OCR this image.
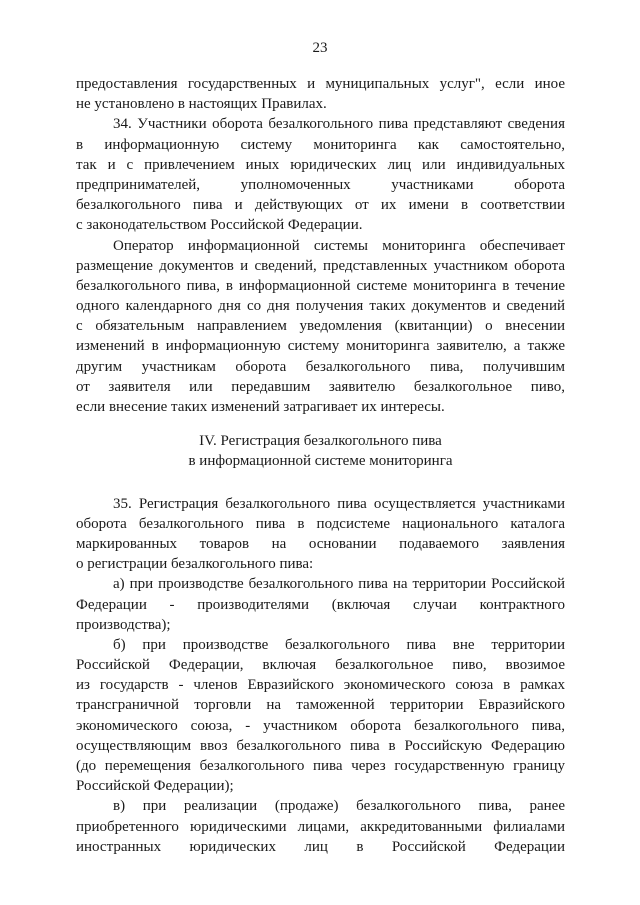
23
предоставления государственных и муниципальных услуг", если иное
не установлено в настоящих Правилах.
34. Участники оборота безалкогольного пива представляют сведения
в информационную систему мониторинга как самостоятельно,
так и с привлечением иных юридических лиц или индивидуальных
предпринимателей, уполномоченных участниками оборота
безалкогольного пива и действующих от их имени в соответствии
с законодательством Российской Федерации.
Оператор информационной системы мониторинга обеспечивает
размещение документов и сведений, представленных участником оборота
безалкогольного пива, в информационной системе мониторинга в течение
одного календарного дня со дня получения таких документов и сведений
с обязательным направлением уведомления (квитанции) о внесении
изменений в информационную систему мониторинга заявителю, а также
другим участникам оборота безалкогольного пива, получившим
от заявителя или передавшим заявителю безалкогольное пиво,
если внесение таких изменений затрагивает их интересы.
IV. Регистрация безалкогольного пива
в информационной системе мониторинга
35. Регистрация безалкогольного пива осуществляется участниками
оборота безалкогольного пива в подсистеме национального каталога
маркированных товаров на основании подаваемого заявления
о регистрации безалкогольного пива:
а) при производстве безалкогольного пива на территории Российской
Федерации - производителями (включая случаи контрактного
производства);
б) при производстве безалкогольного пива вне территории
Российской Федерации, включая безалкогольное пиво, ввозимое
из государств - членов Евразийского экономического союза в рамках
трансграничной торговли на таможенной территории Евразийского
экономического союза, - участником оборота безалкогольного пива,
осуществляющим ввоз безалкогольного пива в Российскую Федерацию
(до перемещения безалкогольного пива через государственную границу
Российской Федерации);
в) при реализации (продаже) безалкогольного пива, ранее
приобретенного юридическими лицами, аккредитованными филиалами
иностранных юридических лиц в Российской Федерации
